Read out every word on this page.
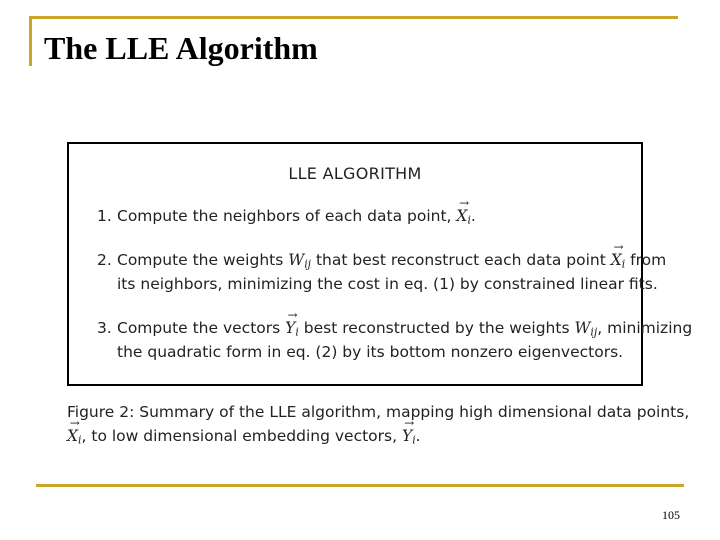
The LLE Algorithm
LLE ALGORITHM
1. Compute the neighbors of each data point, → $X_i$.
2. Compute the weights $W_{ij}$ that best reconstruct each data point → $X_i$ from
its neighbors, minimizing the cost in eq. (1) by constrained linear fits.
3. Compute the vectors → $Y_i$ best reconstructed by the weights $W_{ij}$, minimizing
the quadratic form in eq. (2) by its bottom nonzero eigenvectors.
Figure 2: Summary of the LLE algorithm, mapping high dimensional data points,
→ $X_i$, to low dimensional embedding vectors, → $Y_i$.
105
